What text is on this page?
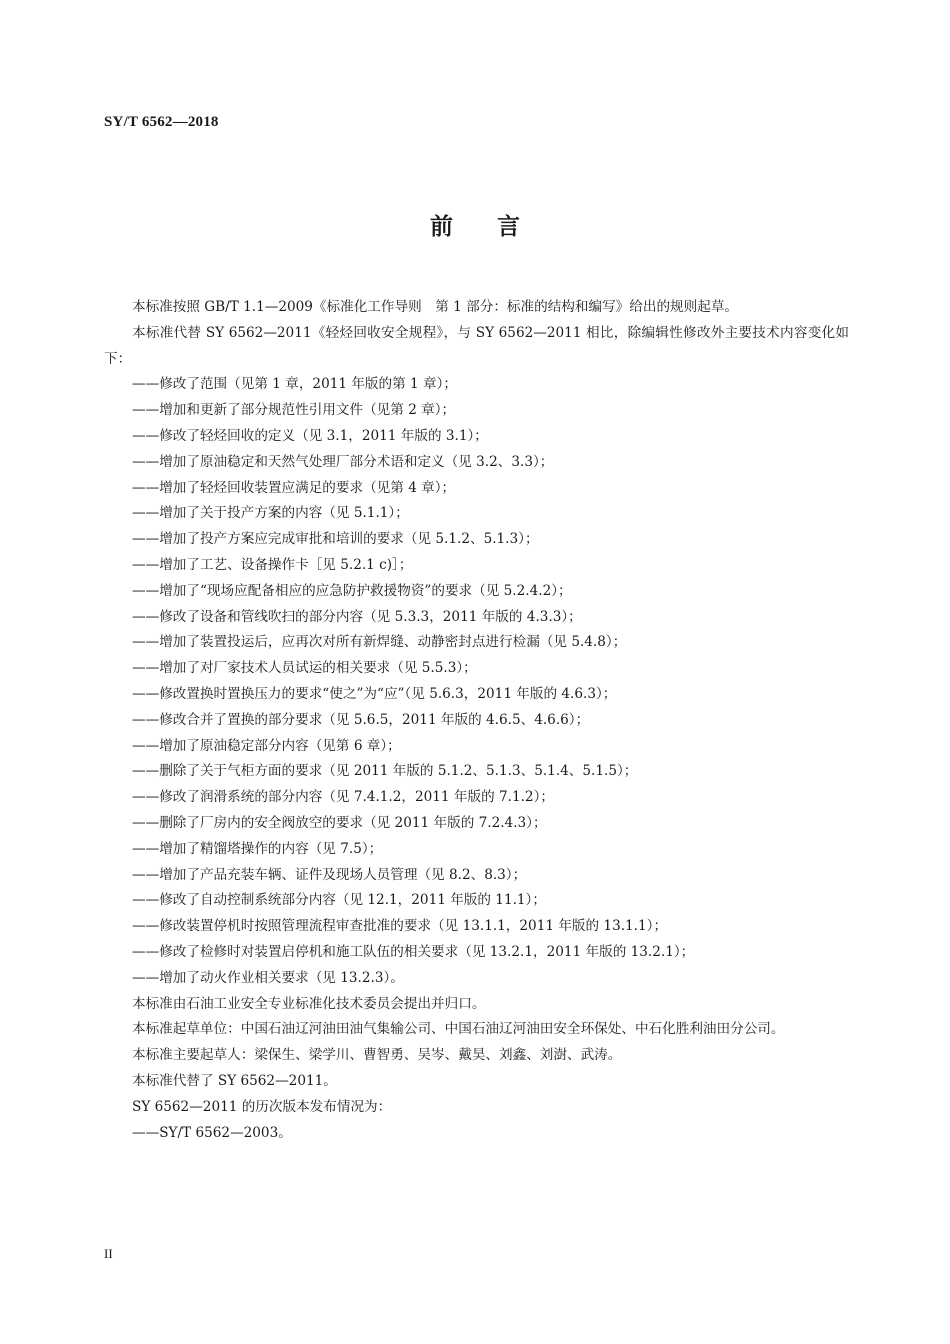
SY/T 6562—2018
前言

本标准按照 GB/T 1.1—2009《标准化工作导则　第 1 部分：标准的结构和编写》给出的规则起草。

本标准代替 SY 6562—2011《轻烃回收安全规程》，与 SY 6562—2011 相比，除编辑性修改外主要技术内容变化如下：

——修改了范围（见第 1 章，2011 年版的第 1 章）；

——增加和更新了部分规范性引用文件（见第 2 章）；

——修改了轻烃回收的定义（见 3.1，2011 年版的 3.1）；

——增加了原油稳定和天然气处理厂部分术语和定义（见 3.2、3.3）；

——增加了轻烃回收装置应满足的要求（见第 4 章）；

——增加了关于投产方案的内容（见 5.1.1）；

——增加了投产方案应完成审批和培训的要求（见 5.1.2、5.1.3）；

——增加了工艺、设备操作卡［见 5.2.1 c)］；

——增加了“现场应配备相应的应急防护救援物资”的要求（见 5.2.4.2）；

——修改了设备和管线吹扫的部分内容（见 5.3.3，2011 年版的 4.3.3）；

——增加了装置投运后，应再次对所有新焊缝、动静密封点进行检漏（见 5.4.8）；

——增加了对厂家技术人员试运的相关要求（见 5.5.3）；

——修改置换时置换压力的要求“使之”为“应”（见 5.6.3，2011 年版的 4.6.3）；

——修改合并了置换的部分要求（见 5.6.5，2011 年版的 4.6.5、4.6.6）；

——增加了原油稳定部分内容（见第 6 章）；

——删除了关于气柜方面的要求（见 2011 年版的 5.1.2、5.1.3、5.1.4、5.1.5）；

——修改了润滑系统的部分内容（见 7.4.1.2，2011 年版的 7.1.2）；

——删除了厂房内的安全阀放空的要求（见 2011 年版的 7.2.4.3）；

——增加了精馏塔操作的内容（见 7.5）；

——增加了产品充装车辆、证件及现场人员管理（见 8.2、8.3）；

——修改了自动控制系统部分内容（见 12.1，2011 年版的 11.1）；

——修改装置停机时按照管理流程审查批准的要求（见 13.1.1，2011 年版的 13.1.1）；

——修改了检修时对装置启停机和施工队伍的相关要求（见 13.2.1，2011 年版的 13.2.1）；

——增加了动火作业相关要求（见 13.2.3）。

本标准由石油工业安全专业标准化技术委员会提出并归口。

本标准起草单位：中国石油辽河油田油气集输公司、中国石油辽河油田安全环保处、中石化胜利油田分公司。

本标准主要起草人：梁保生、梁学川、曹智勇、吴岑、戴昊、刘鑫、刘澍、武涛。

本标准代替了 SY 6562—2011。

SY 6562—2011 的历次版本发布情况为：

——SY/T 6562—2003。

II
